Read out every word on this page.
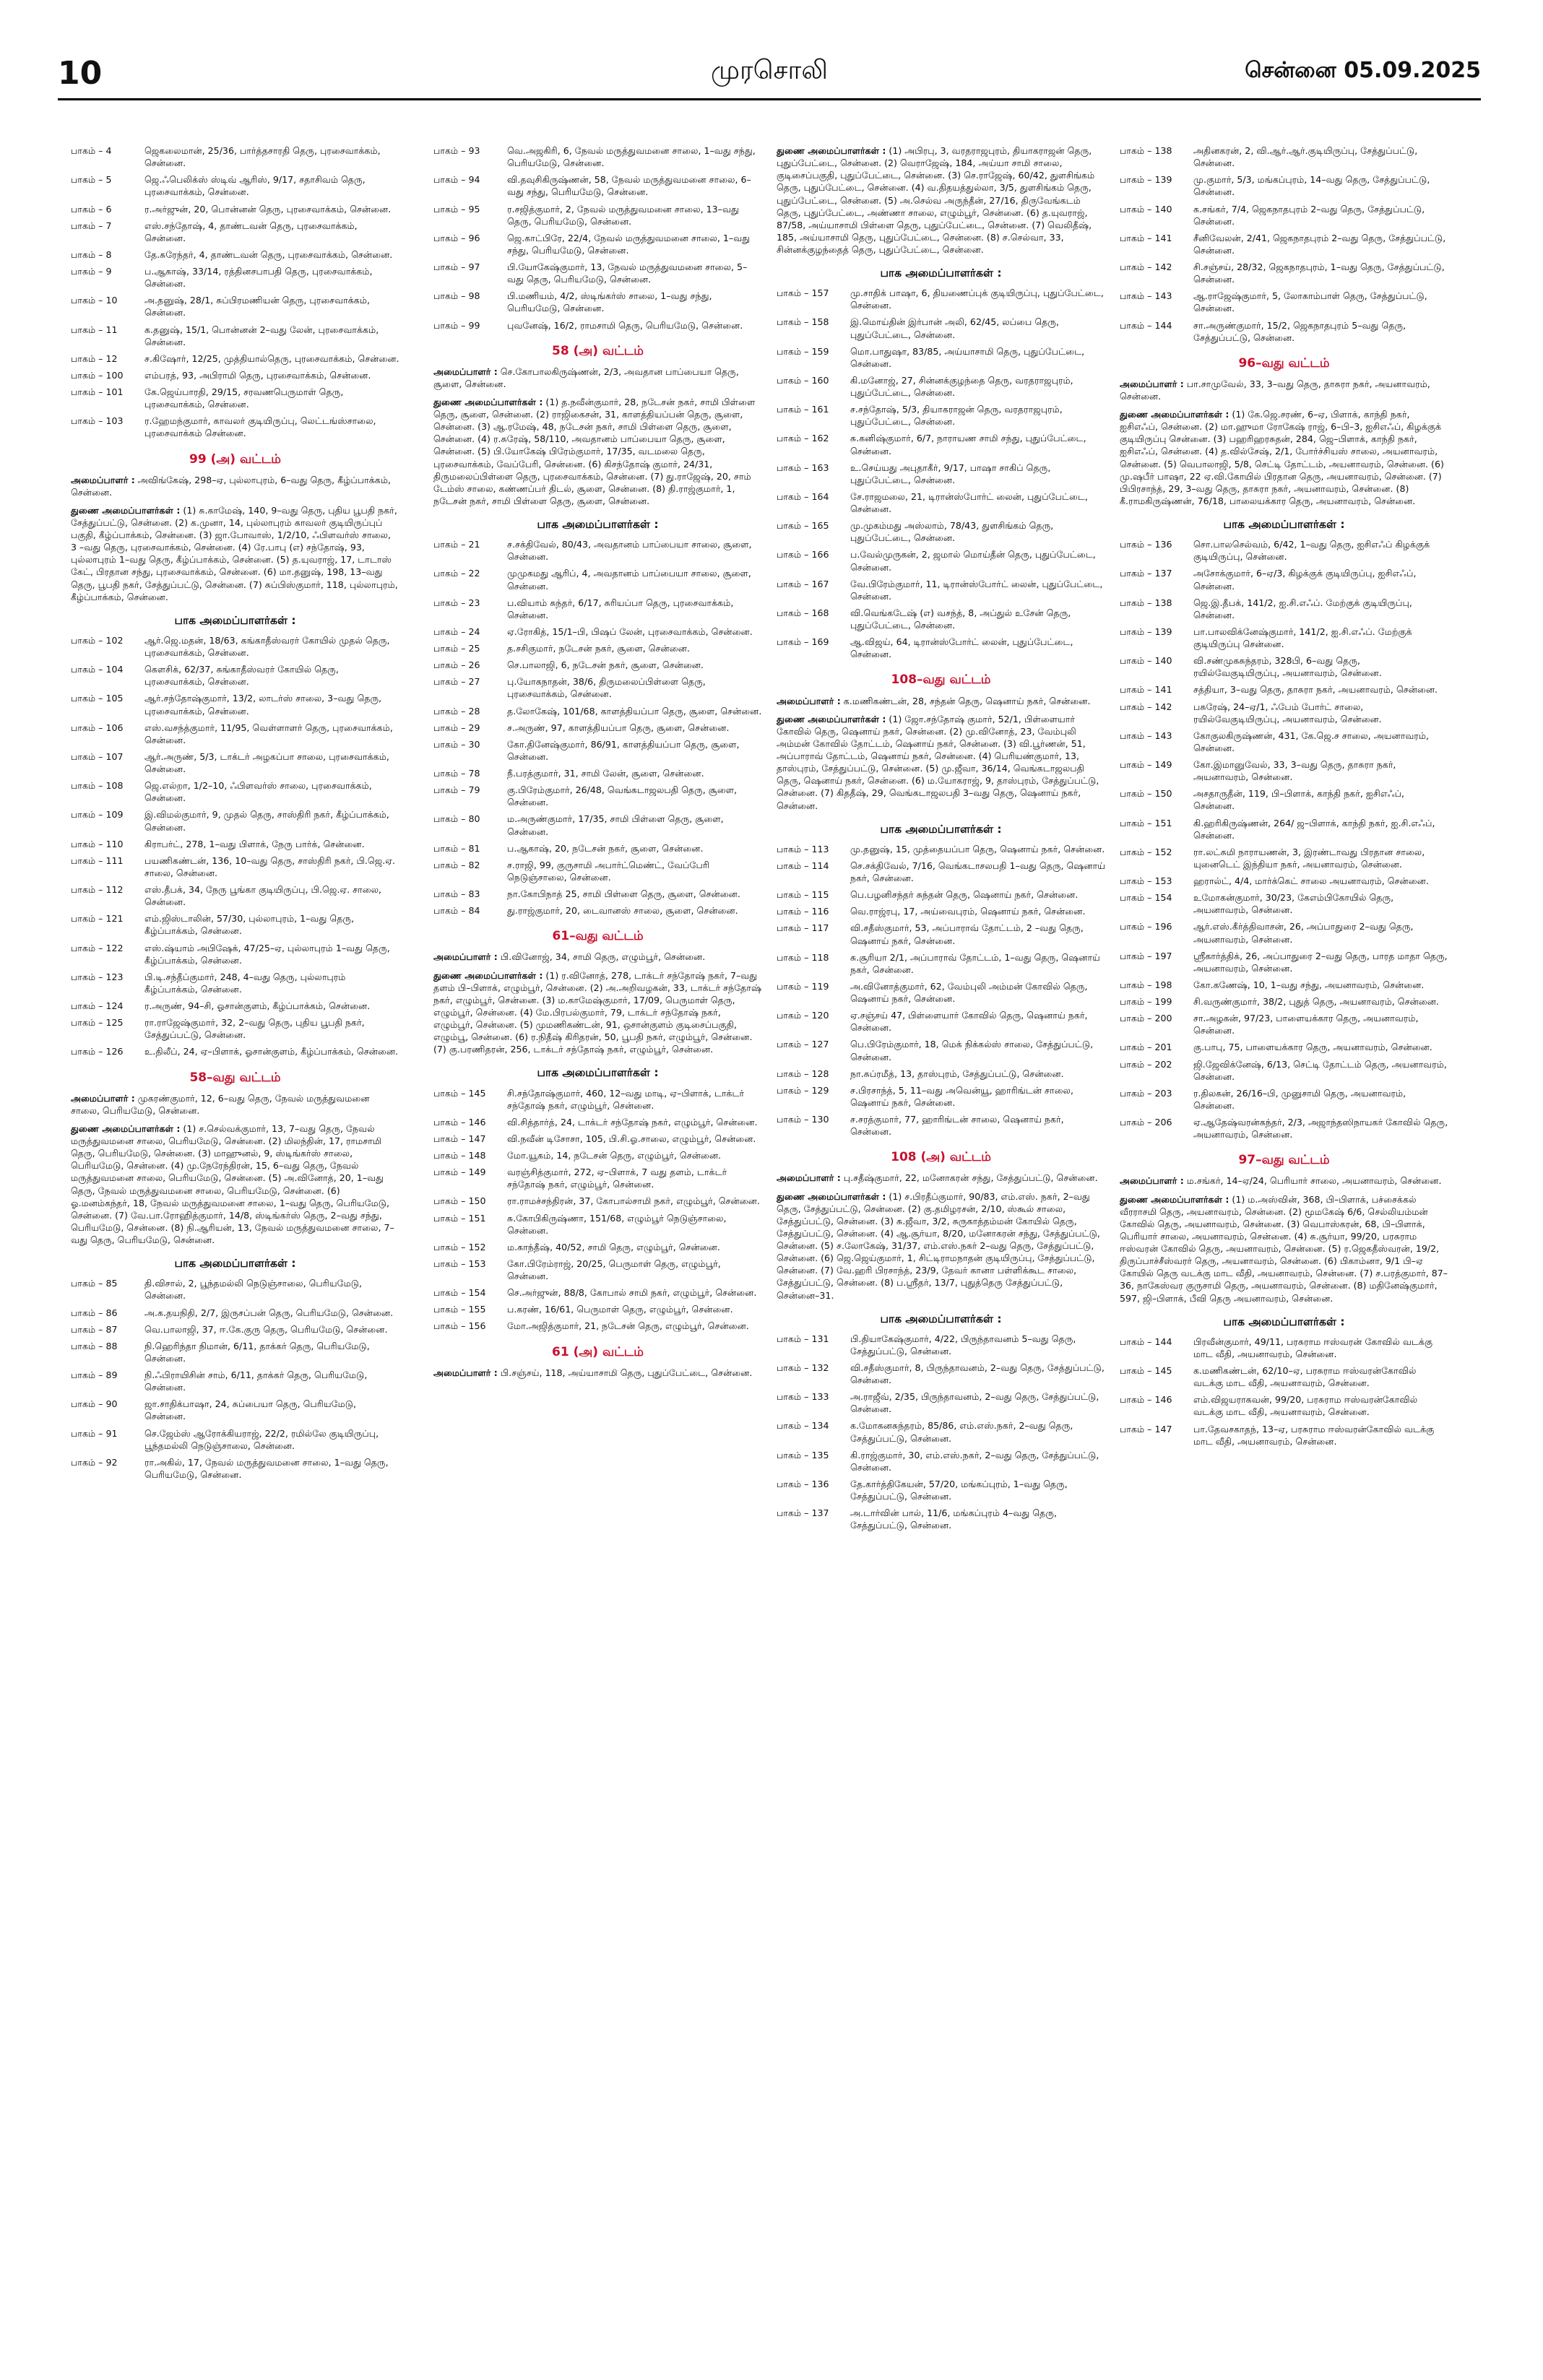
10	முரசொலி	சென்னை 05.09.2025
பாகம் – 4	ஜெகலைமான், 25/36, பார்த்தசாரதி தெரு, புரசைவாக்கம், சென்னை.
பாகம் – 5	ஜெ.ஃபெலிக்ஸ் ஸ்டிவ் ஆரிஸ், 9/17, சதாசிவம் தெரு, புரசைவாக்கம், சென்னை.
பாகம் – 6	ர.அர்ஜுன், 20, பொன்னன் தெரு, புரசைவாக்கம், சென்னை.
பாகம் – 7	எஸ்.சந்தோஷ், 4, தாண்டவன் தெரு, புரசைவாக்கம், சென்னை.
பாகம் – 8	தே.சுரேந்தர், 4, தாண்டவன் தெரு, புரசைவாக்கம், சென்னை.
பாகம் – 9	ப.ஆகாஷ், 33/14, ரத்தினசபாபதி தெரு, புரசைவாக்கம், சென்னை.
பாகம் – 10	அ.தனுஷ், 28/1, சுப்பிரமணியன் தெரு, புரசைவாக்கம், சென்னை.
பாகம் – 11	க.தனுஷ், 15/1, பொன்னன் 2–வது லேன், புரசைவாக்கம், சென்னை.
பாகம் – 12	ச.கிஷோர், 12/25, முத்தியால்தெரு, புரசைவாக்கம், சென்னை.
பாகம் – 100	எம்பரத், 93, அபிராமி தெரு, புரசைவாக்கம், சென்னை.
பாகம் – 101	கே.ஜெய்பாரதி, 29/15, சரவணபெருமாள் தெரு, புரசைவாக்கம், சென்னை.
பாகம் – 103	ர.ஹேமந்குமார், காவலர் குடியிருப்பு, லெட்டங்ஸ்சாலை, புரசைவாக்கம் சென்னை.
99 (அ) வட்டம்
அமைப்பாளர் : அவிங்கேஷ், 298–ஏ, புல்லாபுரம், 6–வது தெரு, கீழ்ப்பாக்கம், சென்னை.
துணை அமைப்பாளர்கள் : (1) சு.காமேஷ், 140, 9–வது தெரு, புதிய பூபதி நகர், சேத்துப்பட்டு, சென்னை. (2) க.முனா, 14, புல்லாபுரம் காவலர் குடியிருப்புப் பகுதி, கீழ்ப்பாக்கம், சென்னை. (3) ஜா.போவாஸ், 1/2/10, ஃபிளவர்ஸ் சாலை, 3 –வது தெரு, புரசைவாக்கம், சென்னை. (4) ரே.பாபு (எ) சந்தோஷ், 93, புல்லாபுரம் 1–வது தெரு, கீழ்ப்பாக்கம், சென்னை. (5) த.யுவராஜ், 17, டாடாஸ் கேட், பிரதான சந்து, புரசைவாக்கம், சென்னை. (6) மா.தனுஷ், 198, 13–வது தெரு, பூபதி நகர், சேத்துப்பட்டு, சென்னை. (7) சுப்பிஸ்குமார், 118, புல்லாபுரம், கீழ்ப்பாக்கம், சென்னை.
பாக அமைப்பாளர்கள் :
பாகம் – 102	ஆர்.ஜெ.மதன், 18/63, கங்காதீஸ்வரர் கோயில் முதல் தெரு, புரசைவாக்கம், சென்னை.
பாகம் – 104	கௌசிக், 62/37, சுங்காதீஸ்வரர் கோயில் தெரு, புரசைவாக்கம், சென்னை.
பாகம் – 105	ஆர்.சந்தோஷ்குமார், 13/2, லாடர்ஸ் சாலை, 3–வது தெரு, புரசைவாக்கம், சென்னை.
பாகம் – 106	எஸ்.வசந்த்குமார், 11/95, வெள்ளாளர் தெரு, புரசைவாக்கம், சென்னை.
பாகம் – 107	ஆர்.அருண், 5/3, டாக்டர் அழகப்பா சாலை, புரசைவாக்கம், சென்னை.
பாகம் – 108	ஜெ.எல்றா, 1/2–10, ஃபிளவர்ஸ் சாலை, புரசைவாக்கம், சென்னை.
பாகம் – 109	இ.விமல்குமார், 9, முதல் தெரு, சாஸ்திரி நகர், கீழ்ப்பாக்கம், சென்னை.
பாகம் – 110	கிராபர்ட், 278, 1–வது பிளாக், நேரு பார்க், சென்னை.
பாகம் – 111	பயணிகண்டன், 136, 10–வது தெரு, சாஸ்திரி நகர், பி.ஜெ.ஏ. சாலை, சென்னை.
பாகம் – 112	எஸ்.தீபக், 34, நேரு பூங்கா குடியிருப்பு, பி.ஜெ.ஏ. சாலை, சென்னை.
பாகம் – 121	எம்.ஜிஸ்டாலின், 57/30, புல்லாபுரம், 1–வது தெரு, கீழ்ப்பாக்கம், சென்னை.
பாகம் – 122	எஸ்.ஷ்யாம் அபிஷேக், 47/25–ஏ, புல்லாபுரம் 1–வது தெரு, கீழ்ப்பாக்கம், சென்னை.
பாகம் – 123	பி.டி.சந்தீப்குமார், 248, 4–வது தெரு, புல்லாபுரம் கீழ்ப்பாக்கம், சென்னை.
பாகம் – 124	ர.அருண், 94–சி, ஓசான்குளம், கீழ்ப்பாக்கம், சென்னை.
பாகம் – 125	ரா.ராஜேஷ்குமார், 32, 2–வது தெரு, புதிய பூபதி நகர், சேத்துப்பட்டு, சென்னை.
பாகம் – 126	உ.திலீப், 24, ஏ–பிளாக், ஓசான்குளம், கீழ்ப்பாக்கம், சென்னை.
58–வது வட்டம்
அமைப்பாளர் : முகரண்குமார், 12, 6–வது தெரு, நேவல் மருத்துவமனை சாலை, பெரியமேடு, சென்னை.
துணை அமைப்பாளர்கள் : (1) ச.செல்வக்குமார், 13, 7–வது தெரு, நேவல் மருத்துவமனை சாலை, பெரியமேடு, சென்னை. (2) மிலந்தின், 17, ராமசாமி தெரு, பெரியமேடு, சென்னை. (3) மாஹுனல், 9, ஸ்டிங்கர்ஸ் சாலை, பெரியமேடு, சென்னை. (4) மு.நேரேந்திரன், 15, 6–வது தெரு, நேவல் மருத்துவமனை சாலை, பெரியமேடு, சென்னை. (5) அ.வினோத், 20, 1–வது தெரு, நேவல் மருத்துவமனை சாலை, பெரியமேடு, சென்னை. (6) ஓ.மனம்கந்தர், 18, நேவல் மருத்துவமனை சாலை, 1–வது தெரு, பெரியமேடு, சென்னை. (7) வே.பா.ரோஹித்குமார், 14/8, ஸ்டிங்கர்ஸ் தெரு, 2–வது சந்து, பெரியமேடு, சென்னை. (8) நி.ஆரியன், 13, நேவல் மருத்துவமனை சாலை, 7–வது தெரு, பெரியமேடு, சென்னை.
பாக அமைப்பாளர்கள் :
பாகம் – 85	தி.விசால், 2, பூந்தமல்லி நெடுஞ்சாலை, பெரியமேடு, சென்னை.
பாகம் – 86	அ.க.தயநிதி, 2/7, இருசப்பன் தெரு, பெரியமேடு, சென்னை.
பாகம் – 87	வெ.பாலாஜி, 37, ஈ.கே.குரு தெரு, பெரியமேடு, சென்னை.
பாகம் – 88	நி.ஹெரிந்தா நிமான், 6/11, தாக்கர் தெரு, பெரியமேடு, சென்னை.
பாகம் – 89	நி.ஃபிராயிசின் சாம், 6/11, தாக்கர் தெரு, பெரியமேடு, சென்னை.
பாகம் – 90	ஜா.சாதிக்பாஷா, 24, சுப்பையா தெரு, பெரியமேடு, சென்னை.
பாகம் – 91	செ.ஜேம்ஸ் ஆரோக்கியராஜ், 22/2, ரமில்லே குடியிருப்பு, பூந்தமல்லி நெடுஞ்சாலை, சென்னை.
பாகம் – 92	ரா.அகில், 17, நேவல் மருத்துவமனை சாலை, 1–வது தெரு, பெரியமேடு, சென்னை.
பாகம் – 93	வெ.அஜகிரி, 6, நேவல் மருத்துவமனை சாலை, 1–வது சந்து, பெரியமேடு, சென்னை.
பாகம் – 94	வி.தவுசிகிருஷ்ணன், 58, நேவல் மருத்துவமனை சாலை, 6–வது சந்து, பெரியமேடு, சென்னை.
பாகம் – 95	ர.சஜித்குமார், 2, நேவல் மருத்துவமனை சாலை, 13–வது தெரு, பெரியமேடு, சென்னை.
பாகம் – 96	ஜெ.காட்பிரே, 22/4, நேவல் மருத்துவமனை சாலை, 1–வது சந்து, பெரியமேடு, சென்னை.
பாகம் – 97	பி.யோகேஷ்குமார், 13, நேவல் மருத்துவமனை சாலை, 5–வது தெரு, பெரியமேடு, சென்னை.
பாகம் – 98	பி.மணியம், 4/2, ஸ்டிங்கர்ஸ் சாலை, 1–வது சந்து, பெரியமேடு, சென்னை.
பாகம் – 99	புவனேஷ், 16/2, ராமசாமி தெரு, பெரியமேடு, சென்னை.
58 (அ) வட்டம்
அமைப்பாளர் : செ.கோபாலகிருஷ்ணன், 2/3, அவதான பாப்பையா தெரு, சூளை, சென்னை.
துணை அமைப்பாளர்கள் : (1) த.நவீன்குமார், 28, நடேசன் நகர், சாமி பிள்ளை தெரு, சூளை, சென்னை. (2) ராஜிகைசன், 31, காளத்தியப்பன் தெரு, சூளை, சென்னை. (3) ஆ.ரமேஷ், 48, நடேசன் நகர், சாமி பிள்ளை தெரு, சூளை, சென்னை. (4) ர.சுரேஷ், 58/110, அவதானம் பாப்பையா தெரு, சூளை, சென்னை. (5) பி.யோகேஷ் பிரேம்குமார், 17/35, வடமலை தெரு, புரசைவாக்கம், வேப்பேரி, சென்னை. (6) கிசந்தோஷ் குமார், 24/31, திருமலைப்பிள்ளை தெரு, புரசைவாக்கம், சென்னை. (7) து.ராஜேஷ், 20, சாம் டேம்ஸ் சாலை, கண்ணப்பர் திடல், சூளை, சென்னை. (8) தி.ராஜ்குமார், 1, நடேசன் நகர், சாமி பிள்ளை தெரு, சூளை, சென்னை.
பாக அமைப்பாளர்கள் :
பாகம் – 21	ச.சக்திவேல், 80/43, அவதானம் பாப்பையா சாலை, சூளை, சென்னை.
பாகம் – 22	முமுகமது ஆரிப், 4, அவதானம் பாப்பையா சாலை, சூளை, சென்னை.
பாகம் – 23	ப.வியாம் சுந்தர், 6/17, சுரியப்பா தெரு, புரசைவாக்கம், சென்னை.
பாகம் – 24	ஏ.ரோகித், 15/1–பி, பிஷப் லேன், புரசைவாக்கம், சென்னை.
பாகம் – 25	த.சசிகுமார், நடேசன் நகர், சூளை, சென்னை.
பாகம் – 26	செ.பாலாஜி, 6, நடேசன் நகர், சூளை, சென்னை.
பாகம் – 27	பு.யோகநாதன், 38/6, திருமலைப்பிள்ளை தெரு, புரசைவாக்கம், சென்னை.
பாகம் – 28	த.லோகேஷ், 101/68, காளத்தியப்பா தெரு, சூளை, சென்னை.
பாகம் – 29	ச.அருண், 97, காளத்தியப்பா தெரு, சூளை, சென்னை.
பாகம் – 30	கோ.தினேஷ்குமார், 86/91, காளத்தியப்பா தெரு, சூளை, சென்னை.
பாகம் – 78	நீ.பரத்குமார், 31, சாமி லேன், சூளை, சென்னை.
பாகம் – 79	கு.பிரேம்குமார், 26/48, வெங்கடாஜலபதி தெரு, சூளை, சென்னை.
பாகம் – 80	ம.அருண்குமார், 17/35, சாமி பிள்ளை தெரு, சூளை, சென்னை.
பாகம் – 81	ப.ஆகாஷ், 20, நடேசன் நகர், சூளை, சென்னை.
பாகம் – 82	ச.ராஜி, 99, குருசாமி அபார்ட்மெண்ட், வேப்பேரி நெடுஞ்சாலை, சென்னை.
பாகம் – 83	நா.கோபிநாத் 25, சாமி பிள்ளை தெரு, சூளை, சென்னை.
பாகம் – 84	து.ராஜ்குமார், 20, டைவானஸ் சாலை, சூளை, சென்னை.
61–வது வட்டம்
அமைப்பாளர் : பி.வினோஜ், 34, சாமி தெரு, எழும்பூர், சென்னை.
துணை அமைப்பாளர்கள் : (1) ர.வினோத், 278, டாக்டர் சந்தோஷ் நகர், 7–வது தளம் பி–பிளாக், எழும்பூர், சென்னை. (2) அ.அறிவழகன், 33, டாக்டர் சந்தோஷ் நகர், எழும்பூர், சென்னை. (3) ம.காமேஷ்குமார், 17/09, பெருமாள் தெரு, எழும்பூர், சென்னை. (4) மே.பிரபல்குமார், 79, டாக்டர் சந்தோஷ் நகர், எழும்பூர், சென்னை. (5) முமணிகண்டன், 91, ஒசான்குளம் குடிசைப்பகுதி, எழும்பூ, சென்னை. (6) ர.நிதீஷ் கிரிதரன், 50, பூபதி நகர், எழும்பூர், சென்னை. (7) கு.பரணிதரன், 256, டாக்டர் சந்தோஷ் நகர், எழும்பூர், சென்னை.
பாக அமைப்பாளர்கள் :
பாகம் – 145	சி.சந்தோஷ்குமார், 460, 12–வது மாடி, ஏ–பிளாக், டாக்டர் சந்தோஷ் நகர், எழும்பூர், சென்னை.
பாகம் – 146	வி.சித்தார்த், 24, டாக்டர் சந்தோஷ் நகர், எழும்பூர், சென்னை.
பாகம் – 147	வி.நவீன் டிசோசா, 105, பி.சி.ஓ.சாலை, எழும்பூர், சென்னை.
பாகம் – 148	மோ.யூகம், 14, நடேசன் தெரு, எழும்பூர், சென்னை.
பாகம் – 149	வரஞ்சித்குமார், 272, ஏ–பிளாக், 7 வது தளம், டாக்டர் சந்தோஷ் நகர், எழும்பூர், சென்னை.
பாகம் – 150	ரா.ராமச்சந்திரன், 37, கோபால்சாமி நகர், எழும்பூர், சென்னை.
பாகம் – 151	சு.கோபிகிருஷ்ணா, 151/68, எழும்பூர் நெடுஞ்சாலை, சென்னை.
பாகம் – 152	ம.காந்தீஷ், 40/52, சாமி தெரு, எழும்பூர், சென்னை.
பாகம் – 153	கோ.பிரேம்ராஜ், 20/25, பெருமாள் தெரு, எழும்பூர், சென்னை.
பாகம் – 154	செ.அர்ஜுன், 88/8, கோபால் சாமி நகர், எழும்பூர், சென்னை.
பாகம் – 155	ப.கரண், 16/61, பெருமாள் தெரு, எழும்பூர், சென்னை.
பாகம் – 156	மோ.அஜித்குமார், 21, நடேசன் தெரு, எழும்பூர், சென்னை.
61 (அ) வட்டம்
அமைப்பாளர் : பி.சஞ்சய், 118, அய்யாசாமி தெரு, புதுப்பேட்டை, சென்னை.
துணை அமைப்பாளர்கள் : (1) அபிரபு, 3, வரதராஜபுரம், தியாகராஜன் தெரு, புதுப்பேட்டை, சென்னை. (2) வெராஜேஷ், 184, அய்யா சாமி சாலை, குடிசைப்பகுதி, புதுப்பேட்டை, சென்னை. (3) செ.ராஜேஷ், 60/42, துளசிங்கம் தெரு, புதுப்பேட்டை, சென்னை. (4) வ.திதயத்துல்லா, 3/5, துளசிங்கம் தெரு, புதுப்பேட்டை, சென்னை. (5) அ.செல்வ அருந்தீன், 27/16, திருவேங்கடம் தெரு, புதுப்பேட்டை, அண்ணா சாலை, எழும்பூர், சென்னை. (6) த.யுவராஜ், 87/58, அய்யாசாமி பிள்ளை தெரு, புதுப்பேட்டை, சென்னை. (7) வெலிதீஷ், 185, அய்யாசாமி தெரு, புதுப்பேட்டை, சென்னை. (8) ச.செல்வா, 33, சின்னக்குழந்தைத் தெரு, புதுப்பேட்டை, சென்னை.
பாக அமைப்பாளர்கள் :
பாகம் – 157	மு.சாதிக் பாஷா, 6, தியணைப்புக் குடியிருப்பு, புதுப்பேட்டை, சென்னை.
பாகம் – 158	இ.மொய்தின் இர்பான் அலி, 62/45, லப்பை தெரு, புதுப்பேட்டை, சென்னை.
பாகம் – 159	மொ.பாதுஷா, 83/85, அய்யாசாமி தெரு, புதுப்பேட்டை, சென்னை.
பாகம் – 160	கி.மனோஜ், 27, சின்னக்குழந்தை தெரு, வரதராஜபுரம், புதுப்பேட்டை, சென்னை.
பாகம் – 161	ச.சந்தோஷ், 5/3, தியாகராஜன் தெரு, வரதராஜபுரம், புதுப்பேட்டை, சென்னை.
பாகம் – 162	சு.கனிஷ்குமார், 6/7, நாராயண சாமி சந்து, புதுப்பேட்டை, சென்னை.
பாகம் – 163	உ.செய்யது அபுதாகீர், 9/17, பாஷா சாகிப் தெரு, புதுப்பேட்டை, சென்னை.
பாகம் – 164	சே.ராஜமலை, 21, டிரான்ஸ்போர்ட் லைன், புதுப்பேட்டை, சென்னை.
பாகம் – 165	மு.முகம்மது அஸ்லாம், 78/43, துளசிங்கம் தெரு, புதுப்பேட்டை, சென்னை.
பாகம் – 166	ப.வேல்முருகன், 2, ஜமால் மொய்தீன் தெரு, புதுப்பேட்டை, சென்னை.
பாகம் – 167	வே.பிரேம்குமார், 11, டிரான்ஸ்போர்ட் லைன், புதுப்பேட்டை, சென்னை.
பாகம் – 168	வி.வெங்கடேஷ் (எ) வசந்த், 8, அப்துல் உசேன் தெரு, புதுப்பேட்டை, சென்னை.
பாகம் – 169	ஆ.விஜய், 64, டிரான்ஸ்போர்ட் லைன், புதுப்பேட்டை, சென்னை.
108–வது வட்டம்
அமைப்பாளர் : க.மணிகண்டன், 28, சந்தன் தெரு, ஷெனாய் நகர், சென்னை.
துணை அமைப்பாளர்கள் : (1) ஜோ.சந்தோஷ் குமார், 52/1, பிள்ளையார் கோவில் தெரு, ஷெனாய் நகர், சென்னை. (2) மு.வினோத், 23, வேம்புலி அம்மன் கோவில் தோட்டம், ஷெனாய் நகர், சென்னை. (3) வி.பூர்ணன், 51, அப்பாராவ் தோட்டம், ஷெனாய் நகர், சென்னை. (4) பெரியண்குமார், 13, தாஸ்புரம், சேத்துப்பட்டு, சென்னை. (5) மு.ஜீவா, 36/14, வெங்கடாஜலபதி தெரு, ஷெனாய் நகர், சென்னை. (6) ம.யோகராஜ், 9, தாஸ்புரம், சேத்துப்பட்டு, சென்னை. (7) கிததீஷ், 29, வெங்கடாஜலபதி 3–வது தெரு, ஷெனாய் நகர், சென்னை.
பாக அமைப்பாளர்கள் :
பாகம் – 113	மு.தனுஷ், 15, முத்தையப்பா தெரு, ஷெனாய் நகர், சென்னை.
பாகம் – 114	செ.சக்திவேல், 7/16, வெங்கடாசலபதி 1–வது தெரு, ஷெனாய் நகர், சென்னை.
பாகம் – 115	பெ.பழனிசந்தர் சுந்தன் தெரு, ஷெனாய் நகர், சென்னை.
பாகம் – 116	வெ.ராஜ்ரபு, 17, அய்வைபுரம், ஷெனாய் நகர், சென்னை.
பாகம் – 117	வி.சதீஸ்குமார், 53, அப்பாராவ் தோட்டம், 2 –வது தெரு, ஷெனாய் நகர், சென்னை.
பாகம் – 118	சு.சூரியா 2/1, அப்பாராவ் தோட்டம், 1–வது தெரு, ஷெனாய் நகர், சென்னை.
பாகம் – 119	அ.வினோத்குமார், 62, வேம்புலி அம்மன் கோவில் தெரு, ஷெனாய் நகர், சென்னை.
பாகம் – 120	ஏ.சஞ்சய் 47, பிள்ளையார் கோவில் தெரு, ஷெனாய் நகர், சென்னை.
பாகம் – 127	பெ.பிரேம்குமார், 18, மெக் நிக்கல்ஸ் சாலை, சேத்துப்பட்டு, சென்னை.
பாகம் – 128	நா.சுப்ரமீத், 13, தாஸ்புரம், சேத்துப்பட்டு, சென்னை.
பாகம் – 129	ச.பிரசாந்த், 5, 11–வது அவென்யூ, ஹாரிங்டன் சாலை, ஷெனாய் நகர், சென்னை.
பாகம் – 130	ச.சரத்குமார், 77, ஹாரிங்டன் சாலை, ஷெனாய் நகர், சென்னை.
108 (அ) வட்டம்
அமைப்பாளர் : பு.சதீஷ்குமார், 22, மனோகரன் சந்து, சேத்துப்பட்டு, சென்னை.
துணை அமைப்பாளர்கள் : (1) ச.பிரதீப்குமார், 90/83, எம்.எஸ். நகர், 2–வது தெரு, சேத்துப்பட்டு, சென்னை. (2) கு.தமிழரசன், 2/10, ஸ்கூல் சாலை, சேத்துப்பட்டு, சென்னை. (3) சு.ஜீவா, 3/2, சுருகாத்தம்மன் கோயில் தெரு, சேத்துப்பட்டு, சென்னை. (4) ஆ.சூர்யா, 8/20, மனோகரன் சந்து, சேத்துப்பட்டு, சென்னை. (5) ச.லோகேஷ், 31/37, எம்.எஸ்.நகர் 2–வது தெரு, சேத்துப்பட்டு, சென்னை. (6) ஜெ.ஜெய்குமார், 1, சிட்டிராமநாதன் குடியிருப்பு, சேத்துப்பட்டு, சென்னை. (7) வே.ஹரி பிரசாந்த், 23/9, தேவர் கானா பள்ளிக்கூட சாலை, சேத்துப்பட்டு, சென்னை. (8) ப.ஸ்ரீதர், 13/7, புதுத்தெரு சேத்துப்பட்டு, சென்னை–31.
பாக அமைப்பாளர்கள் :
பாகம் – 131	பி.தியாகேஷ்குமார், 4/22, பிருந்தாவனம் 5–வது தெரு, சேத்துப்பட்டு, சென்னை.
பாகம் – 132	வி.சதீஸ்குமார், 8, பிருந்தாவனம், 2–வது தெரு, சேத்துப்பட்டு, சென்னை.
பாகம் – 133	அ.ராஜீவ், 2/35, பிருந்தாவனம், 2–வது தெரு, சேத்துப்பட்டு, சென்னை.
பாகம் – 134	க.மோகனசுந்தரம், 85/86, எம்.எஸ்.நகர், 2–வது தெரு, சேத்துப்பட்டு, சென்னை.
பாகம் – 135	கி.ராஜ்குமார், 30, எம்.எஸ்.நகர், 2–வது தெரு, சேத்துப்பட்டு, சென்னை.
பாகம் – 136	தே.கார்த்திகேயன், 57/20, மங்கப்புரம், 1–வது தெரு, சேத்துப்பட்டு, சென்னை.
பாகம் – 137	அ.டார்வின் பால், 11/6, மங்கப்புரம் 4–வது தெரு, சேத்துப்பட்டு, சென்னை.
பாகம் – 138	அதினகரன், 2, வி.ஆர்.ஆர்.குடியிருப்பு, சேத்துப்பட்டு, சென்னை.
பாகம் – 139	மு.குமார், 5/3, மங்கப்புரம், 14–வது தெரு, சேத்துப்பட்டு, சென்னை.
பாகம் – 140	க.சங்கர், 7/4, ஜெகநாதபுரம் 2–வது தெரு, சேத்துப்பட்டு, சென்னை.
பாகம் – 141	சீனிவேலன், 2/41, ஜெகநாதபுரம் 2–வது தெரு, சேத்துப்பட்டு, சென்னை.
பாகம் – 142	சி.சஞ்சய், 28/32, ஜெகநாதபுரம், 1–வது தெரு, சேத்துப்பட்டு, சென்னை.
பாகம் – 143	ஆ.ராஜேஷ்குமார், 5, லோகாம்பாள் தெரு, சேத்துப்பட்டு, சென்னை.
பாகம் – 144	சா.அருண்குமார், 15/2, ஜெகநாதபுரம் 5–வது தெரு, சேத்துப்பட்டு, சென்னை.
96–வது வட்டம்
அமைப்பாளர் : பா.சாமுவேல், 33, 3–வது தெரு, தாசுரா நகர், அயனாவரம், சென்னை.
துணை அமைப்பாளர்கள் : (1) கே.ஜெ.சரண், 6–ஏ, பிளாக், காந்தி நகர், ஐசிஎஃப், சென்னை. (2) மா.ஹுமா ரோகேஷ் ராஜ், 6–பி–3, ஐசிஎஃப், கிழக்குக் குடியிருப்பு சென்னை. (3) பஹரிஹரசுதன், 284, ஜெ–பிளாக், காந்தி நகர், ஐசிஎஃப், சென்னை. (4) த.வில்சேஷ், 2/1, போர்ச்சியஸ் சாலை, அயனாவரம், சென்னை. (5) வெபாலாஜி, 5/8, செட்டி தோட்டம், அயனாவரம், சென்னை. (6) மு.ஷபீர் பாஷா, 22 ஏ.வி.கோயில் பிரதான தெரு, அயனாவரம், சென்னை. (7) பிபிரசாந்த், 29, 3–வது தெரு, தாசுரா நகர், அயனாவரம், சென்னை. (8) கீ.ராமகிருஷ்ணன், 76/18, பாலையக்கார தெரு, அயனாவரம், சென்னை.
பாக அமைப்பாளர்கள் :
பாகம் – 136	சொ.பாலசெல்வம், 6/42, 1–வது தெரு, ஐசிஎஃப் கிழக்குக் குடியிருப்பு, சென்னை.
பாகம் – 137	அசோக்குமார், 6–ஏ/3, கிழக்குக் குடியிருப்பு, ஐசிஎஃப், சென்னை.
பாகம் – 138	ஜெ.இ.தீபக், 141/2, ஐ.சி.எஃப். மேற்குக் குடியிருப்பு, சென்னை.
பாகம் – 139	பா.பாலவிக்னேஷ்குமார், 141/2, ஐ.சி.எஃப். மேற்குக் குடியிருப்பு சென்னை.
பாகம் – 140	வி.சண்முகசுந்தரம், 328பி, 6–வது தெரு, ரயில்வேகுடியிருப்பு, அயனாவரம், சென்னை.
பாகம் – 141	சத்தியா, 3–வது தெரு, தாசுரா நகர், அயனாவரம், சென்னை.
பாகம் – 142	பசுரேஷ், 24–ஏ/1, ஃபேம் போர்ட் சாலை, ரயில்வேகுடியிருப்பு, அயனாவரம், சென்னை.
பாகம் – 143	கோகுலகிருஷ்ணன், 431, கே.ஜெ.ச சாலை, அயனாவரம், சென்னை.
பாகம் – 149	கோ.இமானுவேல், 33, 3–வது தெரு, தாசுரா நகர், அயனாவரம், சென்னை.
பாகம் – 150	அசதாருதீன், 119, பி–பிளாக், காந்தி நகர், ஐசிஎஃப், சென்னை.
பாகம் – 151	கி.ஹரிகிருஷ்ணன், 264/ ஜ–பிளாக், காந்தி நகர், ஐ.சி.எஃப், சென்னை.
பாகம் – 152	ரா.லட்சுமி நாராயணன், 3, இரண்டாவது பிரதான சாலை, யுனைடெட் இந்தியா நகர், அயனாவரம், சென்னை.
பாகம் – 153	ஹரால்ட், 4/4, மார்க்கெட் சாலை அயனாவரம், சென்னை.
பாகம் – 154	உமோகன்குமார், 30/23, கேஎம்பிகோயில் தெரு, அயனாவரம், சென்னை.
பாகம் – 196	ஆர்.எஸ்.கீர்த்திவாசன், 26, அப்பாதுரை 2–வது தெரு, அயனாவரம், சென்னை.
பாகம் – 197	ஸ்ரீகார்த்திக், 26, அப்பாதுரை 2–வது தெரு, பாரத மாதா தெரு, அயனாவரம், சென்னை.
பாகம் – 198	கோ.கணேஷ், 10, 1–வது சந்து, அயனாவரம், சென்னை.
பாகம் – 199	சி.வருண்குமார், 38/2, புதுத் தெரு, அயனாவரம், சென்னை.
பாகம் – 200	சா.அழகன், 97/23, பாளையக்கார தெரு, அயனாவரம், சென்னை.
பாகம் – 201	கு.பாபு, 75, பாளையக்கார தெரு, அயனாவரம், சென்னை.
பாகம் – 202	ஜி.ஜேவிக்னேஷ், 6/13, செட்டி தோட்டம் தெரு, அயனாவரம், சென்னை.
பாகம் – 203	ர.திலகன், 26/16–பி, முனுசாமி தெரு, அயனாவரம், சென்னை.
பாகம் – 206	ஏ.ஆதேஷ்வரன்கந்தர், 2/3, அஜாந்தஸிநாயகர் கோவில் தெரு, அயனாவரம், சென்னை.
97–வது வட்டம்
அமைப்பாளர் : ம.சங்கர், 14–ஏ/24, பெரியார் சாலை, அயனாவரம், சென்னை.
துணை அமைப்பாளர்கள் : (1) ம.அஸ்வின், 368, பி–பிளாக், பச்சைக்கல் வீரராசமி தெரு, அயனாவரம், சென்னை. (2) மூமகேஷ் 6/6, செல்லியம்மன் கோவில் தெரு, அயனாவரம், சென்னை. (3) வெபாஸ்கரன், 68, பி–பிளாக், பெரியார் சாலை, அயனாவரம், சென்னை. (4) சு.சூர்யா, 99/20, பரசுராம ஈஸ்வரன் கோவில் தெரு, அயனாவரம், சென்னை. (5) ர.ஜெகதீஸ்வரன், 19/2, திருப்பாச்சீஸ்வரர் தெரு, அயனாவரம், சென்னை. (6) பிகாம்னா, 9/1 பி–ஏ கோயில் தெரு வடக்கு மாட வீதி, அயனாவரம், சென்னை. (7) ச.பரத்குமார், 87–36, நாகேஸ்வர குருசாமி தெரு, அயனாவரம், சென்னை. (8) மதினேஷ்குமார், 597, ஜி–பிளாக், பீவி தெரு அயனாவரம், சென்னை.
பாக அமைப்பாளர்கள் :
பாகம் – 144	பிரவீன்குமார், 49/11, பரசுராம ஈஸ்வரன் கோவில் வடக்கு மாட வீதி, அயனாவரம், சென்னை.
பாகம் – 145	க.மணிகண்டன், 62/10–ஏ, பரசுராம ஈஸ்வரன்கோவில் வடக்கு மாட வீதி, அயனாவரம், சென்னை.
பாகம் – 146	எம்.விஜயராகவன், 99/20, பரசுராம ஈஸ்வரன்கோவில் வடக்கு மாட வீதி, அயனாவரம், சென்னை.
பாகம் – 147	பா.தேவசகாதந், 13–ஏ, பரசுராம ஈஸ்வரன்கோவில் வடக்கு மாட வீதி, அயனாவரம், சென்னை.
